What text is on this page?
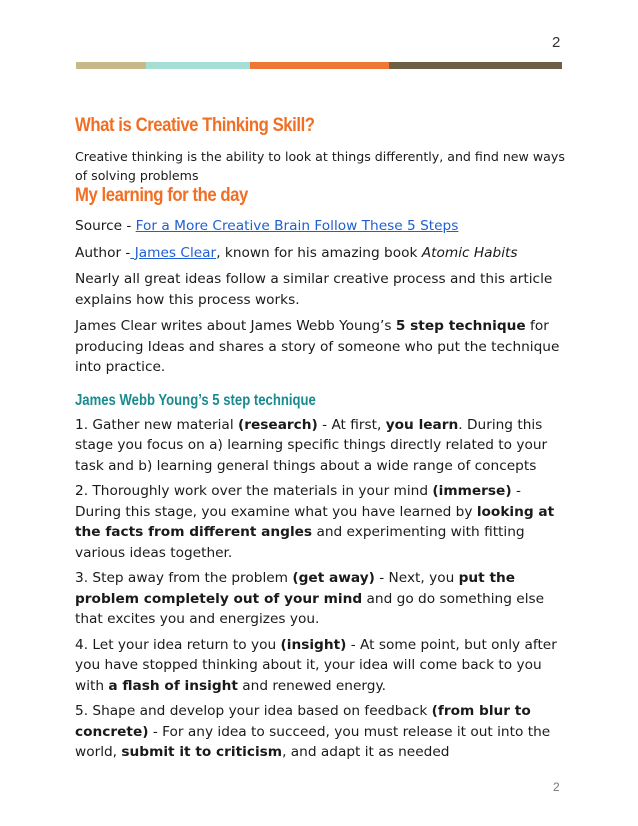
2
What is Creative Thinking Skill?

Creative thinking is the ability to look at things differently, and find new ways of solving problems

My learning for the day

Source - For a More Creative Brain Follow These 5 Steps

Author - James Clear, known for his amazing book Atomic Habits

Nearly all great ideas follow a similar creative process and this article explains how this process works.

James Clear writes about James Webb Young’s 5 step technique for producing Ideas and shares a story of someone who put the technique into practice.

James Webb Young’s 5 step technique

1. Gather new material (research) - At first, you learn. During this stage you focus on a) learning specific things directly related to your task and b) learning general things about a wide range of concepts

2. Thoroughly work over the materials in your mind (immerse) - During this stage, you examine what you have learned by looking at the facts from different angles and experimenting with fitting various ideas together.

3. Step away from the problem (get away) - Next, you put the problem completely out of your mind and go do something else that excites you and energizes you.

4. Let your idea return to you (insight) - At some point, but only after you have stopped thinking about it, your idea will come back to you with a flash of insight and renewed energy.

5. Shape and develop your idea based on feedback (from blur to concrete) - For any idea to succeed, you must release it out into the world, submit it to criticism, and adapt it as needed

2
